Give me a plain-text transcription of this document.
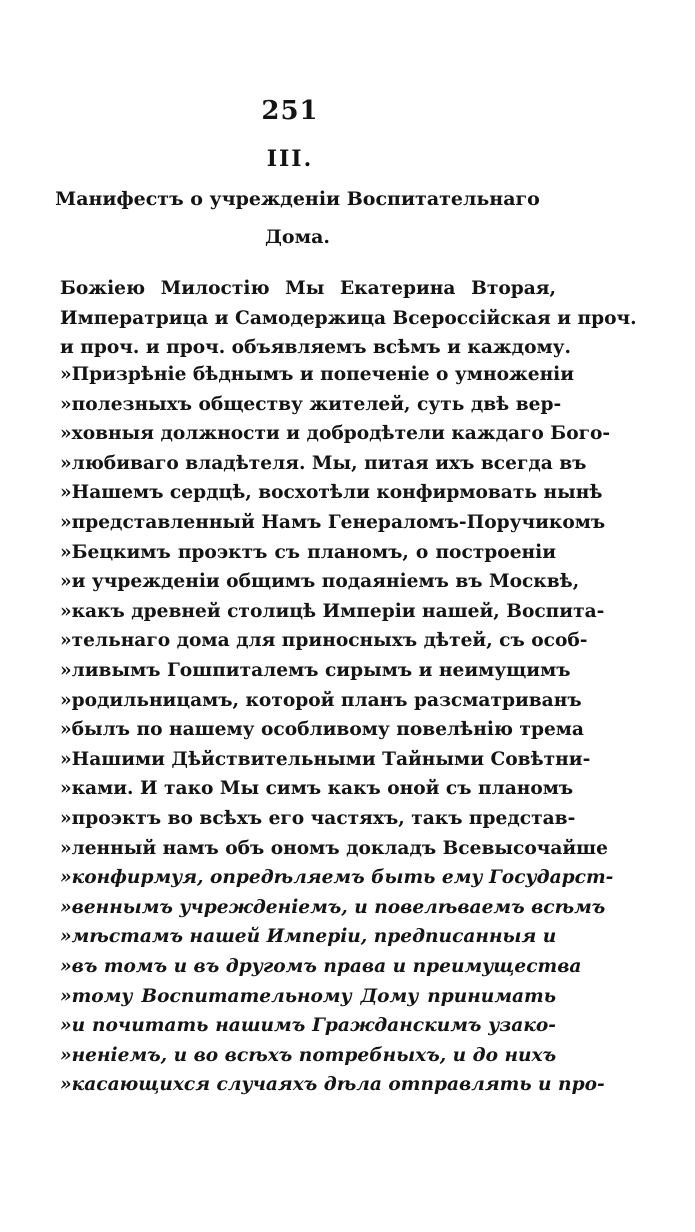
251
III.
Манифестъ о учрежденіи Воспитательнаго
Дома.
Божіею Милостію Мы Екатерина Вторая,
Императрица и Самодержица Всероссійская и проч.
и проч. и проч. объявляемъ всѣмъ и каждому.
»Призрѣніе бѣднымъ и попеченіе о умноженіи
»полезныхъ обществу жителей, суть двѣ вер-
»ховныя должности и добродѣтели каждаго Бого-
»любиваго владѣтеля. Мы, питая ихъ всегда въ
»Нашемъ сердцѣ, восхотѣли конфирмовать нынѣ
»представленный Намъ Генераломъ-Поручикомъ
»Бецкимъ проэктъ съ планомъ, о построеніи
»и учрежденіи общимъ подаяніемъ въ Москвѣ,
»какъ древней столицѣ Имперіи нашей, Воспита-
»тельнаго дома для приносныхъ дѣтей, съ особ-
»ливымъ Гошпиталемъ сирымъ и неимущимъ
»родильницамъ, которой планъ разсматриванъ
»былъ по нашему особливому повелѣнію трема
»Нашими Дѣйствительными Тайными Совѣтни-
»ками. И тако Мы симъ какъ оной съ планомъ
»проэктъ во всѣхъ его частяхъ, такъ представ-
»ленный намъ объ ономъ докладъ Всевысочайше
»конфирмуя, опредѣляемъ быть ему Государст-
»веннымъ учрежденіемъ, и повелѣваемъ всѣмъ
»мѣстамъ нашей Имперіи, предписанныя и
»въ томъ и въ другомъ права и преимущества
»тому Воспитательному Дому принимать
»и почитать нашимъ Гражданскимъ узако-
»неніемъ, и во всѣхъ потребныхъ, и до нихъ
»касающихся случаяхъ дѣла отправлять и про-
